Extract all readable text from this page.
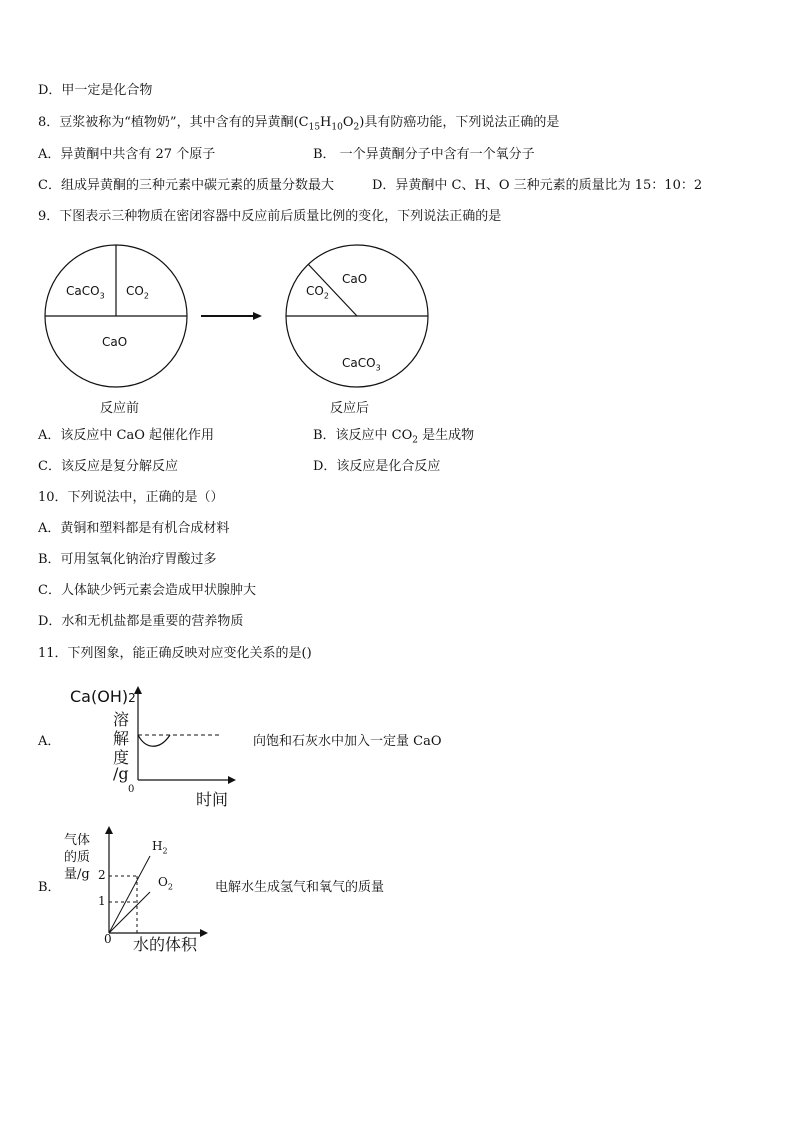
D．甲一定是化合物
8．豆浆被称为“植物奶”，其中含有的异黄酮$(C_{15}H_{10}O_2)$具有防癌功能，下列说法正确的是
A．异黄酮中共含有 27 个原子	B． 一个异黄酮分子中含有一个氧分子
C．组成异黄酮的三种元素中碳元素的质量分数最大	D．异黄酮中 C、H、O 三种元素的质量比为 15：10：2
9．下图表示三种物质在密闭容器中反应前后质量比例的变化，下列说法正确的是
CaCO$_3$ $CO_2$
CaO
反应前
CaO
$CO_2$
CaCO$_3$
反应后
A．该反应中 CaO 起催化作用	B．该反应中 $CO_2$ 是生成物
C．该反应是复分解反应	D．该反应是化合反应
10．下列说法中，正确的是（）
A．黄铜和塑料都是有机合成材料
B．可用氢氧化钠治疗胃酸过多
C．人体缺少钙元素会造成甲状腺肿大
D．水和无机盐都是重要的营养物质
11．下列图象，能正确反映对应变化关系的是()
A．
Ca(OH)2
溶
解
度
/g
0
时间
向饱和石灰水中加入一定量 CaO
B．
气体
的质
量/g 2
1
0
$H_2$
$O_2$
水的体积
电解水生成氢气和氧气的质量
